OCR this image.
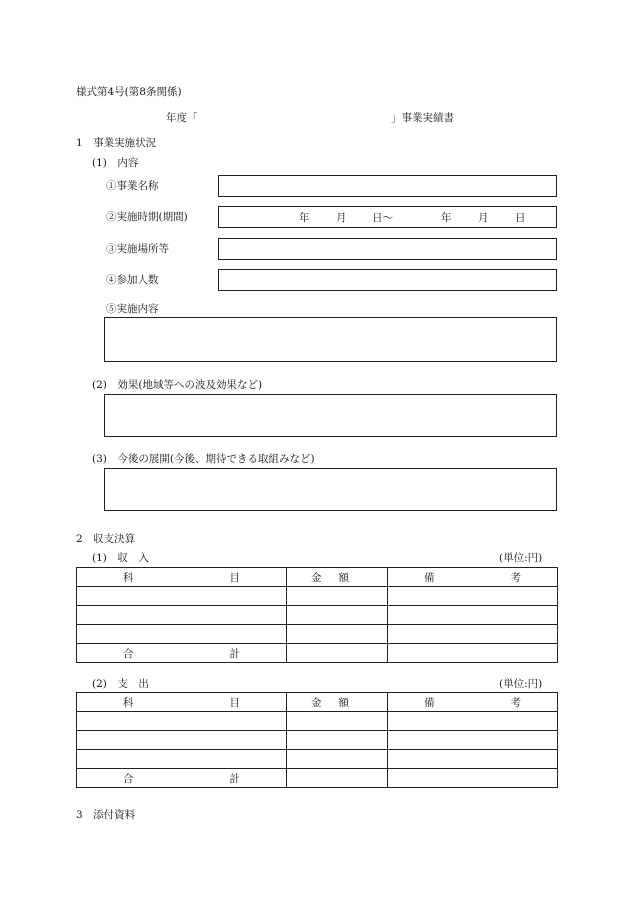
様式第4号(第8条関係)
年度「	」事業実績書
1　事業実施状況
(1)　内容
①事業名称
②実施時期(期間)	年	月 日～	年	月	日
③実施場所等
④参加人数
⑤実施内容
(2)　効果(地域等への波及効果など)
(3)　今後の展開(今後、期待できる取組みなど)
2　収支決算
(1)　収　入	(単位:円)
科 目	金 額	備 考

合 計		

(2)　支　出	(単位:円)
科 目	金 額	備 考

合 計		

3　添付資料
